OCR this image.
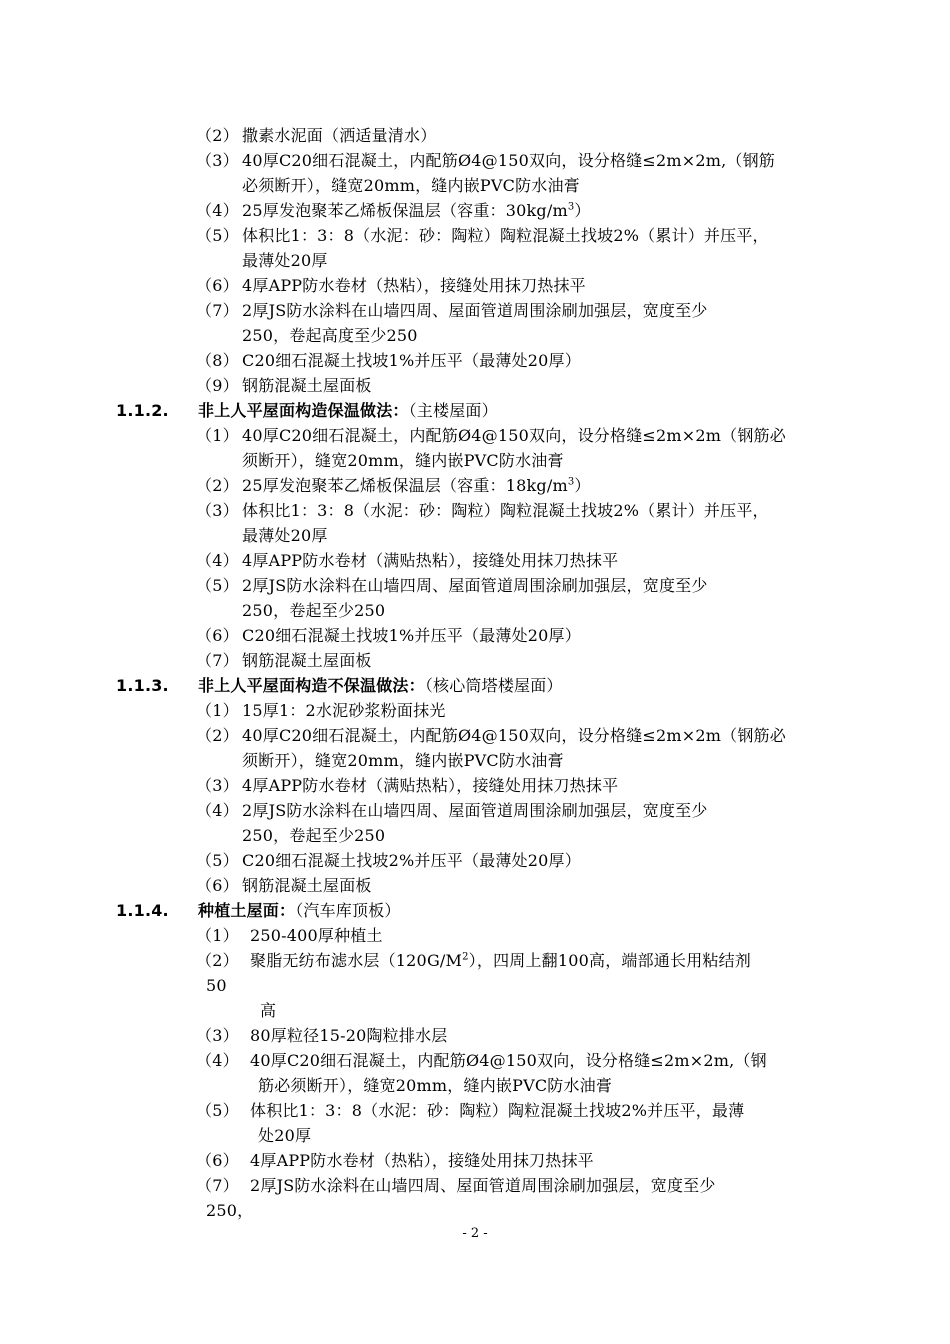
（2） 撒素水泥面（洒适量清水）
（3） 40厚C20细石混凝土，内配筋Ø4@150双向，设分格缝≤2m×2m,（钢筋
必须断开），缝宽20mm，缝内嵌PVC防水油膏
（4） 25厚发泡聚苯乙烯板保温层（容重：$30kg/m^3$）
（5） 体积比1：3：8（水泥：砂：陶粒）陶粒混凝土找坡2%（累计）并压平，
最薄处20厚
（6） 4厚APP防水卷材（热粘），接缝处用抹刀热抹平
（7） 2厚JS防水涂料在山墙四周、屋面管道周围涂刷加强层，宽度至少
250，卷起高度至少250
（8） C20细石混凝土找坡1%并压平（最薄处20厚）
（9） 钢筋混凝土屋面板
1.1.2. 非上人平屋面构造保温做法：（主楼屋面）
（1） 40厚C20细石混凝土，内配筋Ø4@150双向，设分格缝≤2m×2m（钢筋必
须断开），缝宽20mm，缝内嵌PVC防水油膏
（2） 25厚发泡聚苯乙烯板保温层（容重：$18kg/m^3$）
（3） 体积比1：3：8（水泥：砂：陶粒）陶粒混凝土找坡2%（累计）并压平，
最薄处20厚
（4） 4厚APP防水卷材（满贴热粘），接缝处用抹刀热抹平
（5） 2厚JS防水涂料在山墙四周、屋面管道周围涂刷加强层，宽度至少
250，卷起至少250
（6） C20细石混凝土找坡1%并压平（最薄处20厚）
（7） 钢筋混凝土屋面板
1.1.3. 非上人平屋面构造不保温做法：（核心筒塔楼屋面）
（1） 15厚1：2水泥砂浆粉面抹光
（2） 40厚C20细石混凝土，内配筋Ø4@150双向，设分格缝≤2m×2m（钢筋必
须断开），缝宽20mm，缝内嵌PVC防水油膏
（3） 4厚APP防水卷材（满贴热粘），接缝处用抹刀热抹平
（4） 2厚JS防水涂料在山墙四周、屋面管道周围涂刷加强层，宽度至少
250，卷起至少250
（5） C20细石混凝土找坡2%并压平（最薄处20厚）
（6） 钢筋混凝土屋面板
1.1.4. 种植土屋面：（汽车库顶板）
（1） 250-400厚种植土
（2） 聚脂无纺布滤水层$(120G/M^2)$，四周上翻100高，端部通长用粘结剂
50
高
（3） 80厚粒径15-20陶粒排水层
（4） 40厚C20细石混凝土，内配筋Ø4@150双向，设分格缝≤2m×2m,（钢
筋必须断开），缝宽20mm，缝内嵌PVC防水油膏
（5） 体积比1：3：8（水泥：砂：陶粒）陶粒混凝土找坡2%并压平，最薄
处20厚
（6） 4厚APP防水卷材（热粘），接缝处用抹刀热抹平
（7） 2厚JS防水涂料在山墙四周、屋面管道周围涂刷加强层，宽度至少
250，
- 2 -
